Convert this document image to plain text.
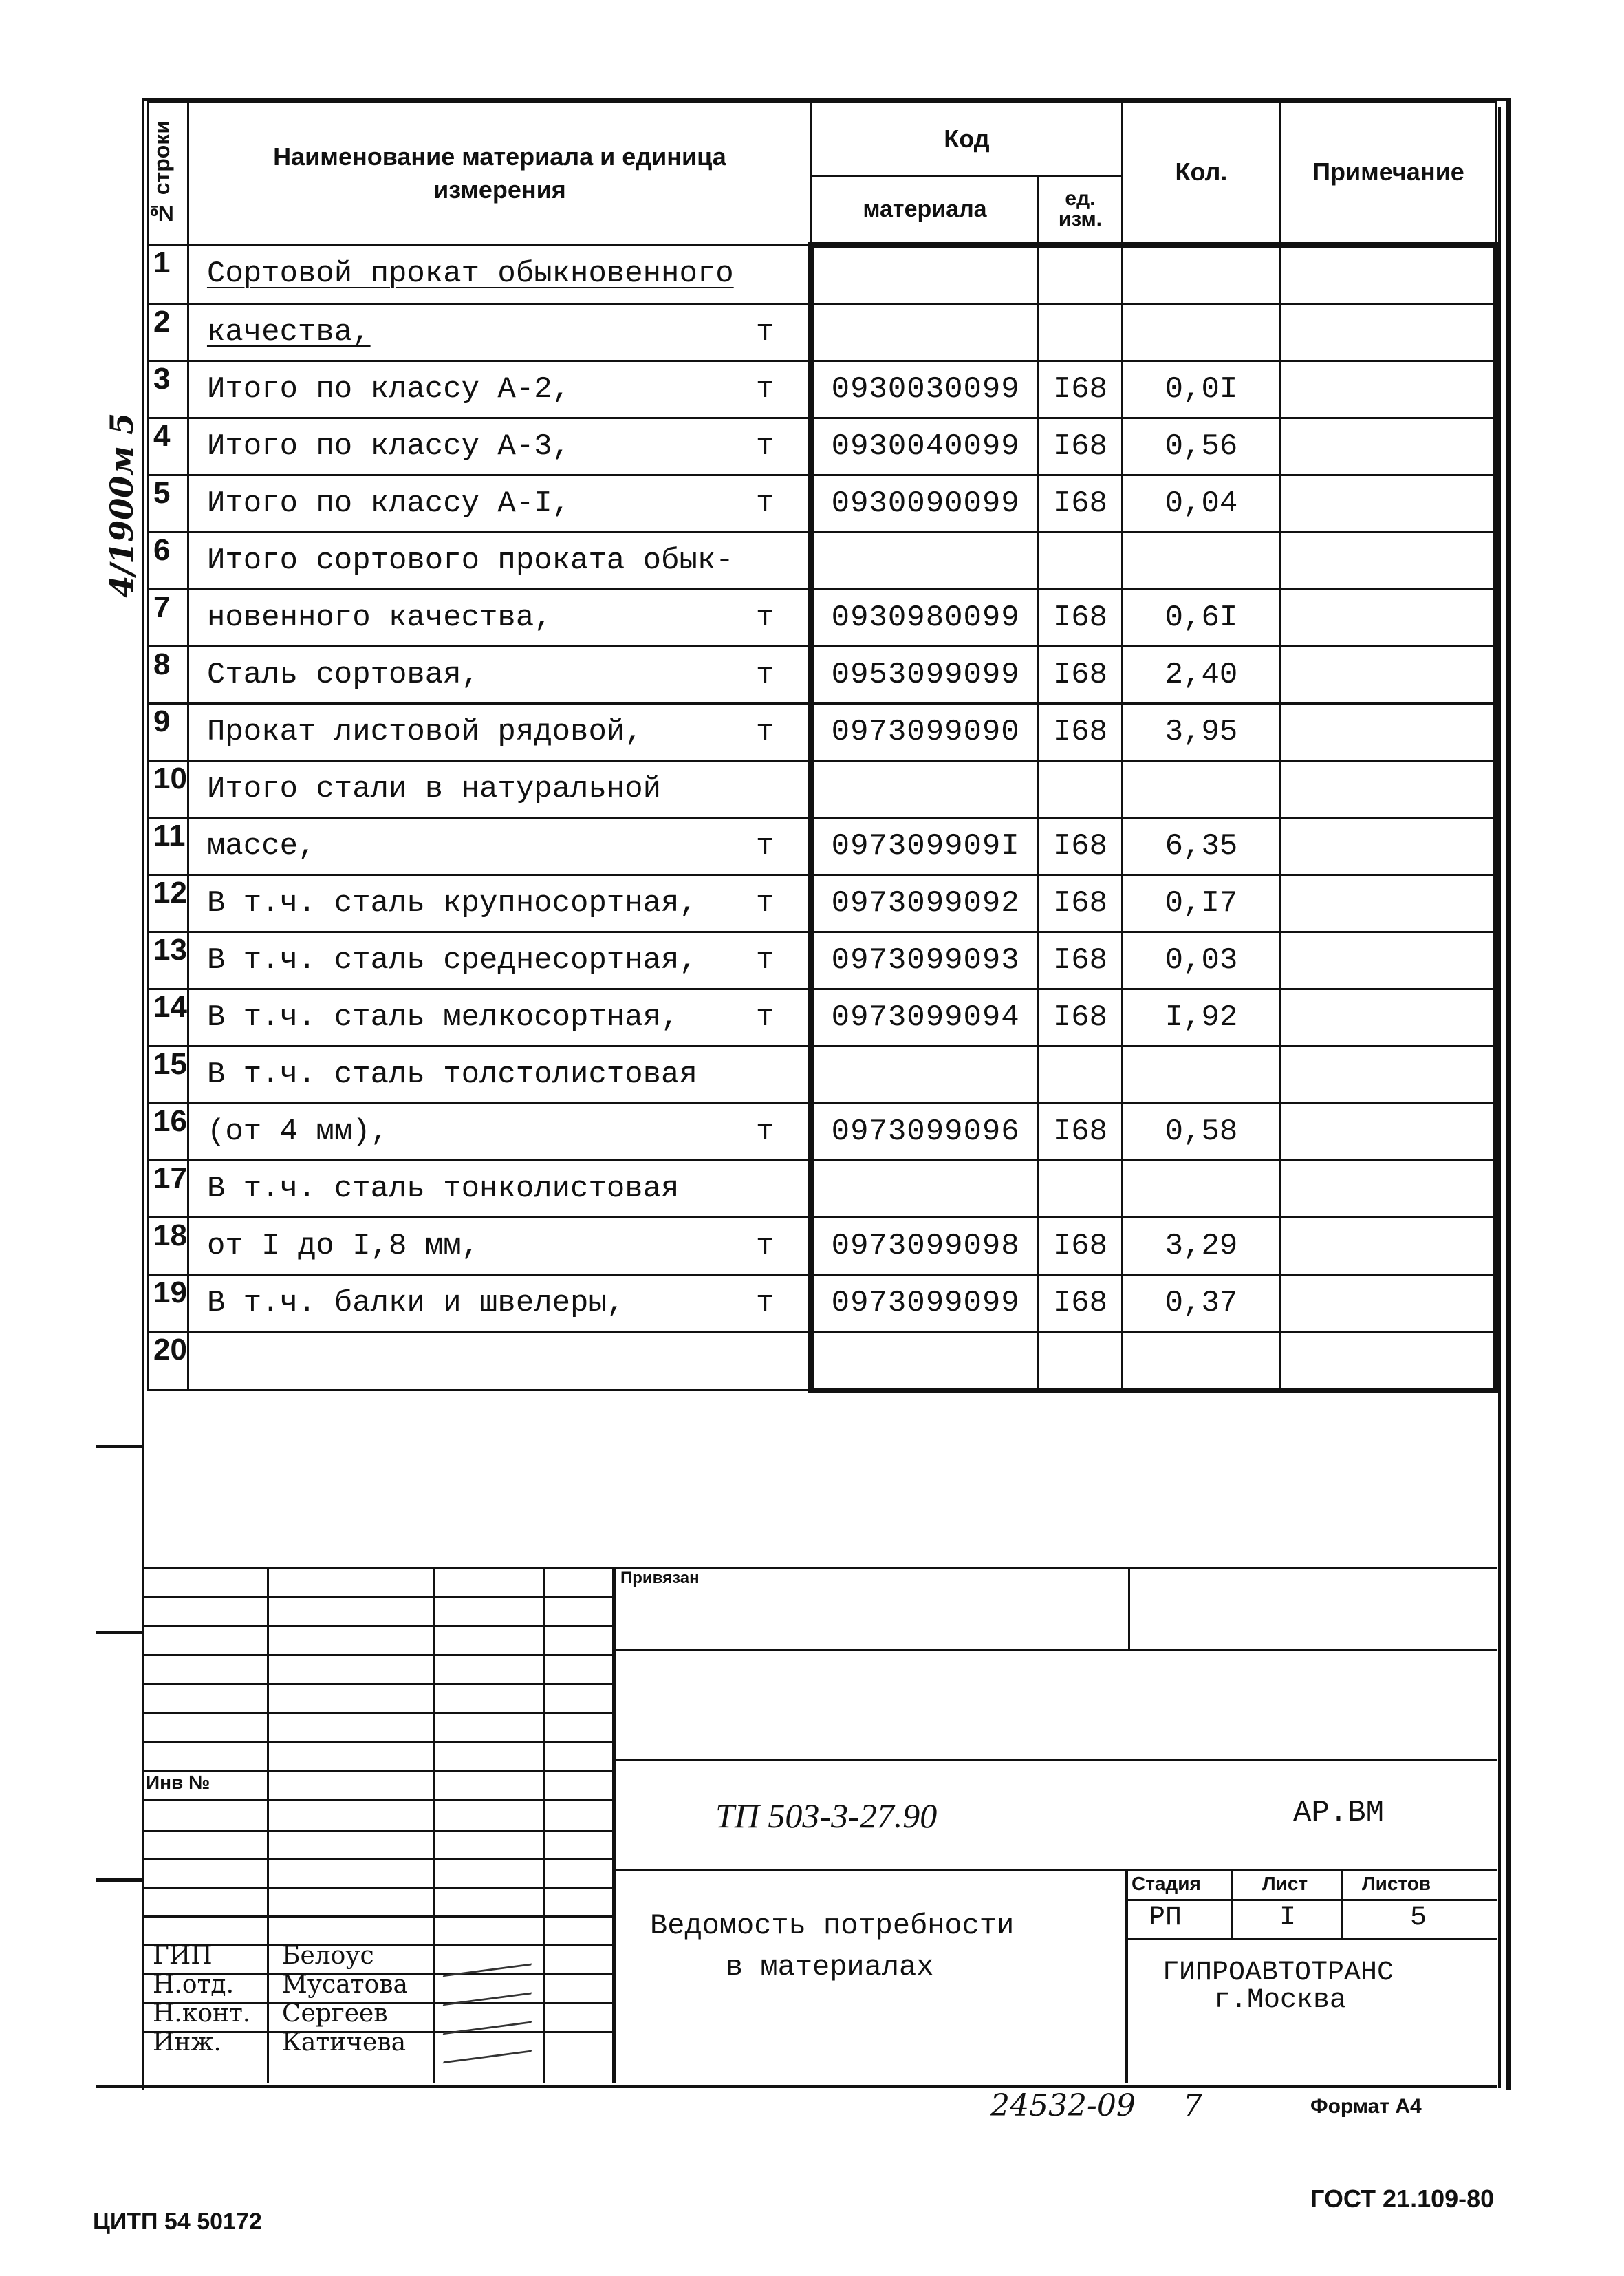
4/1900м 5
№ строки	Наименование материала и единица измерения	Код		Кол.	Примечание
		материала	ед. изм.		
1	Сортовой прокат обыкновенного

2	качества, т				

3	Итого по классу А-2, т	0930030099	I68	0,0I	
4	Итого по классу А-3, т	0930040099	I68	0,56	
5	Итого по классу А-I, т	0930090099	I68	0,04	
6	Итого сортового проката обык-

7	новенного качества, т	0930980099	I68	0,6I	
8	Сталь сортовая, т	0953099099	I68	2,40	
9	Прокат листовой рядовой, т	0973099090	I68	3,95	
10	Итого стали в натуральной

11	массе, т	097309909I	I68	6,35	
12	В т.ч. сталь крупносортная, т	0973099092	I68	0,I7	
13	В т.ч. сталь среднесортная, т	0973099093	I68	0,03	
14	В т.ч. сталь мелкосортная, т	0973099094	I68	I,92	
15	В т.ч. сталь толстолистовая

16	(от 4 мм), т	0973099096	I68	0,58	
17	В т.ч. сталь тонколистовая

18	от I до I,8 мм, т	0973099098	I68	3,29	
19	В т.ч. балки и швелеры, т	0973099099	I68	0,37	
20	

Инв №
Привязан
ТП 503-3-27.90	АР.ВМ
Стадия	Лист	Листов
РП	I	5
Ведомость потребности
в материалах	ГИПРОАВТОТРАНС
г.Москва
ГИП	Белоус
Н.отд. Мусатова
Н.конт. Сергеев
Инж. Катичева
24532-09 7	Формат А4
ЦИТП 54 50172
ГОСТ 21.109-80
